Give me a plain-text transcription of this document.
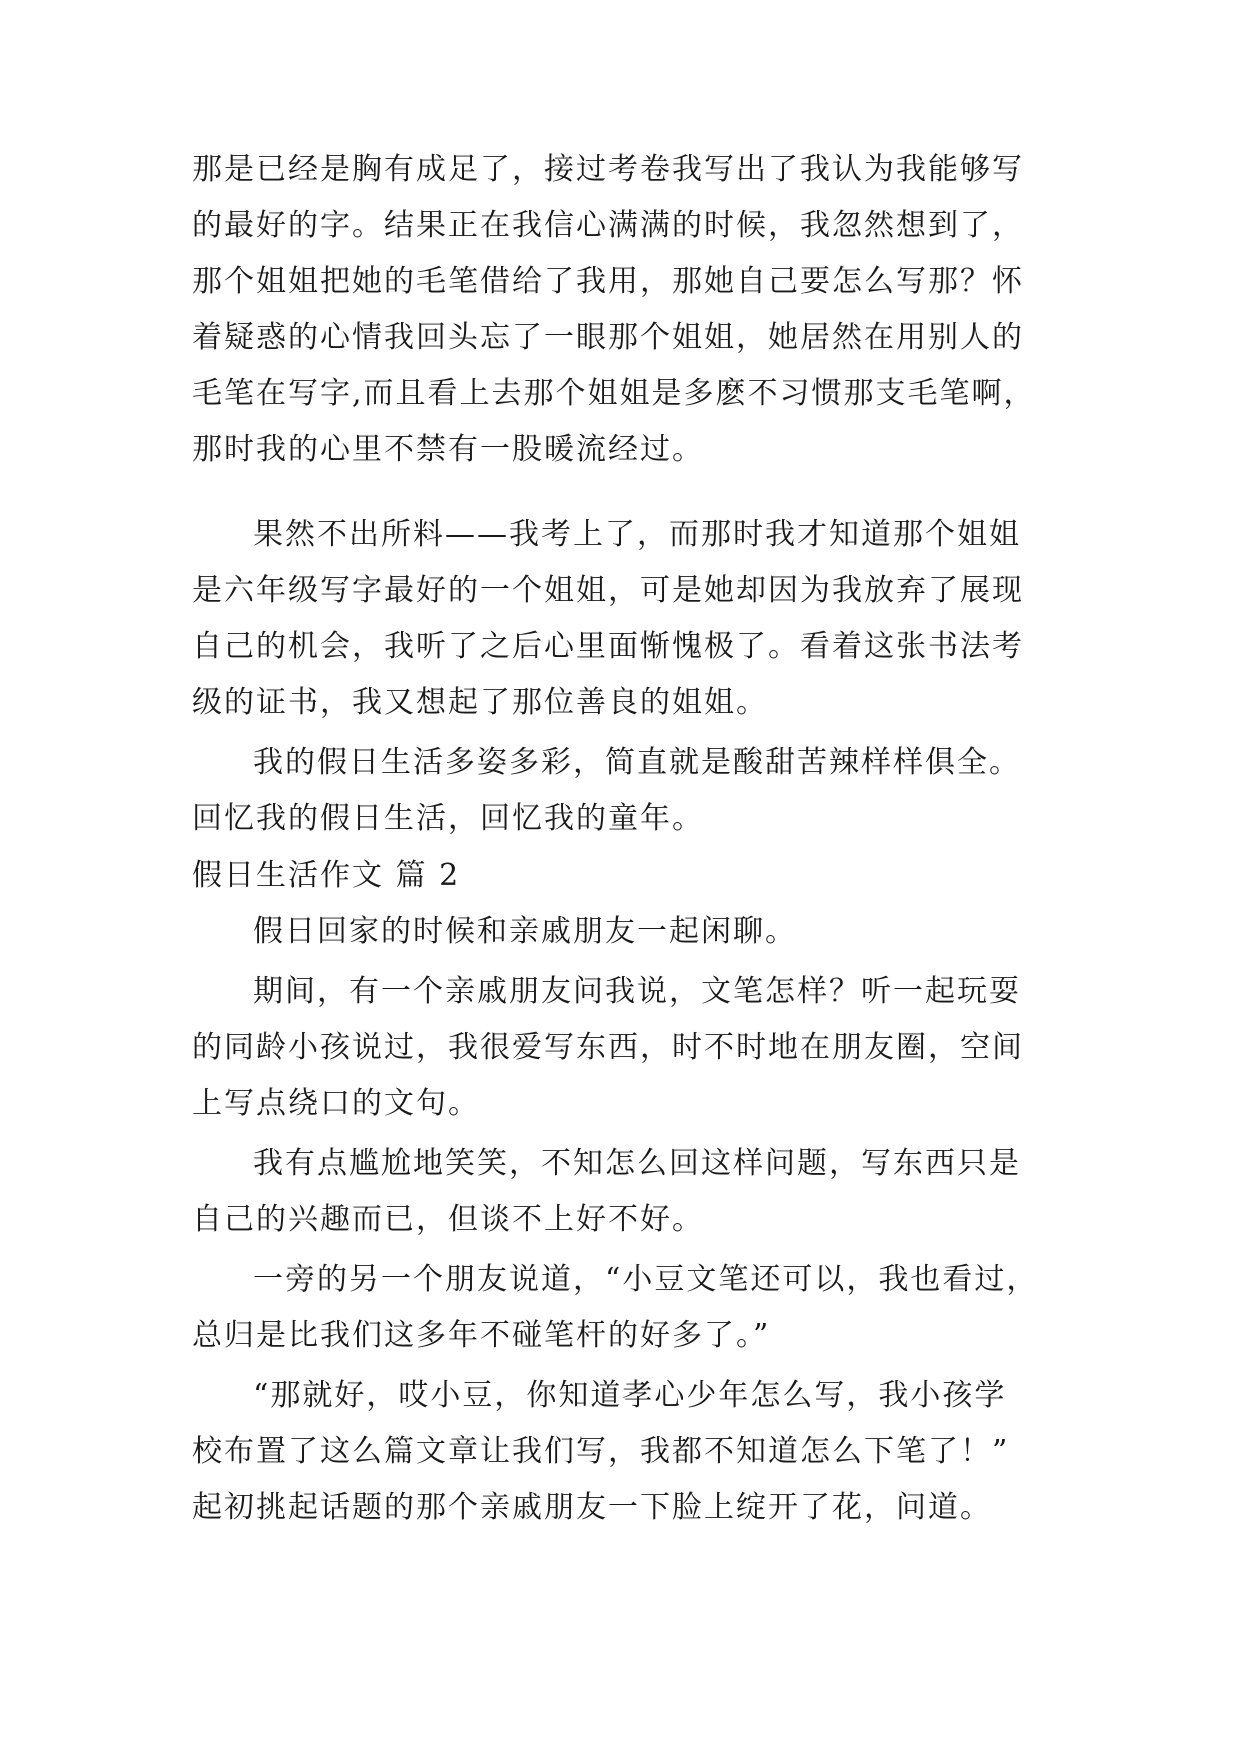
那是已经是胸有成足了，接过考卷我写出了我认为我能够写
的最好的字。结果正在我信心满满的时候，我忽然想到了，
那个姐姐把她的毛笔借给了我用，那她自己要怎么写那？怀
着疑惑的心情我回头忘了一眼那个姐姐，她居然在用别人的
毛笔在写字,而且看上去那个姐姐是多麽不习惯那支毛笔啊，
那时我的心里不禁有一股暖流经过。
果然不出所料——我考上了，而那时我才知道那个姐姐
是六年级写字最好的一个姐姐，可是她却因为我放弃了展现
自己的机会，我听了之后心里面惭愧极了。看着这张书法考
级的证书，我又想起了那位善良的姐姐。
我的假日生活多姿多彩，简直就是酸甜苦辣样样俱全。
回忆我的假日生活，回忆我的童年。
假日生活作文 篇 2
假日回家的时候和亲戚朋友一起闲聊。
期间，有一个亲戚朋友问我说，文笔怎样？听一起玩耍
的同龄小孩说过，我很爱写东西，时不时地在朋友圈，空间
上写点绕口的文句。
我有点尴尬地笑笑，不知怎么回这样问题，写东西只是
自己的兴趣而已，但谈不上好不好。
一旁的另一个朋友说道，“小豆文笔还可以，我也看过，
总归是比我们这多年不碰笔杆的好多了。”
“那就好，哎小豆，你知道孝心少年怎么写，我小孩学
校布置了这么篇文章让我们写，我都不知道怎么下笔了！”
起初挑起话题的那个亲戚朋友一下脸上绽开了花，问道。
